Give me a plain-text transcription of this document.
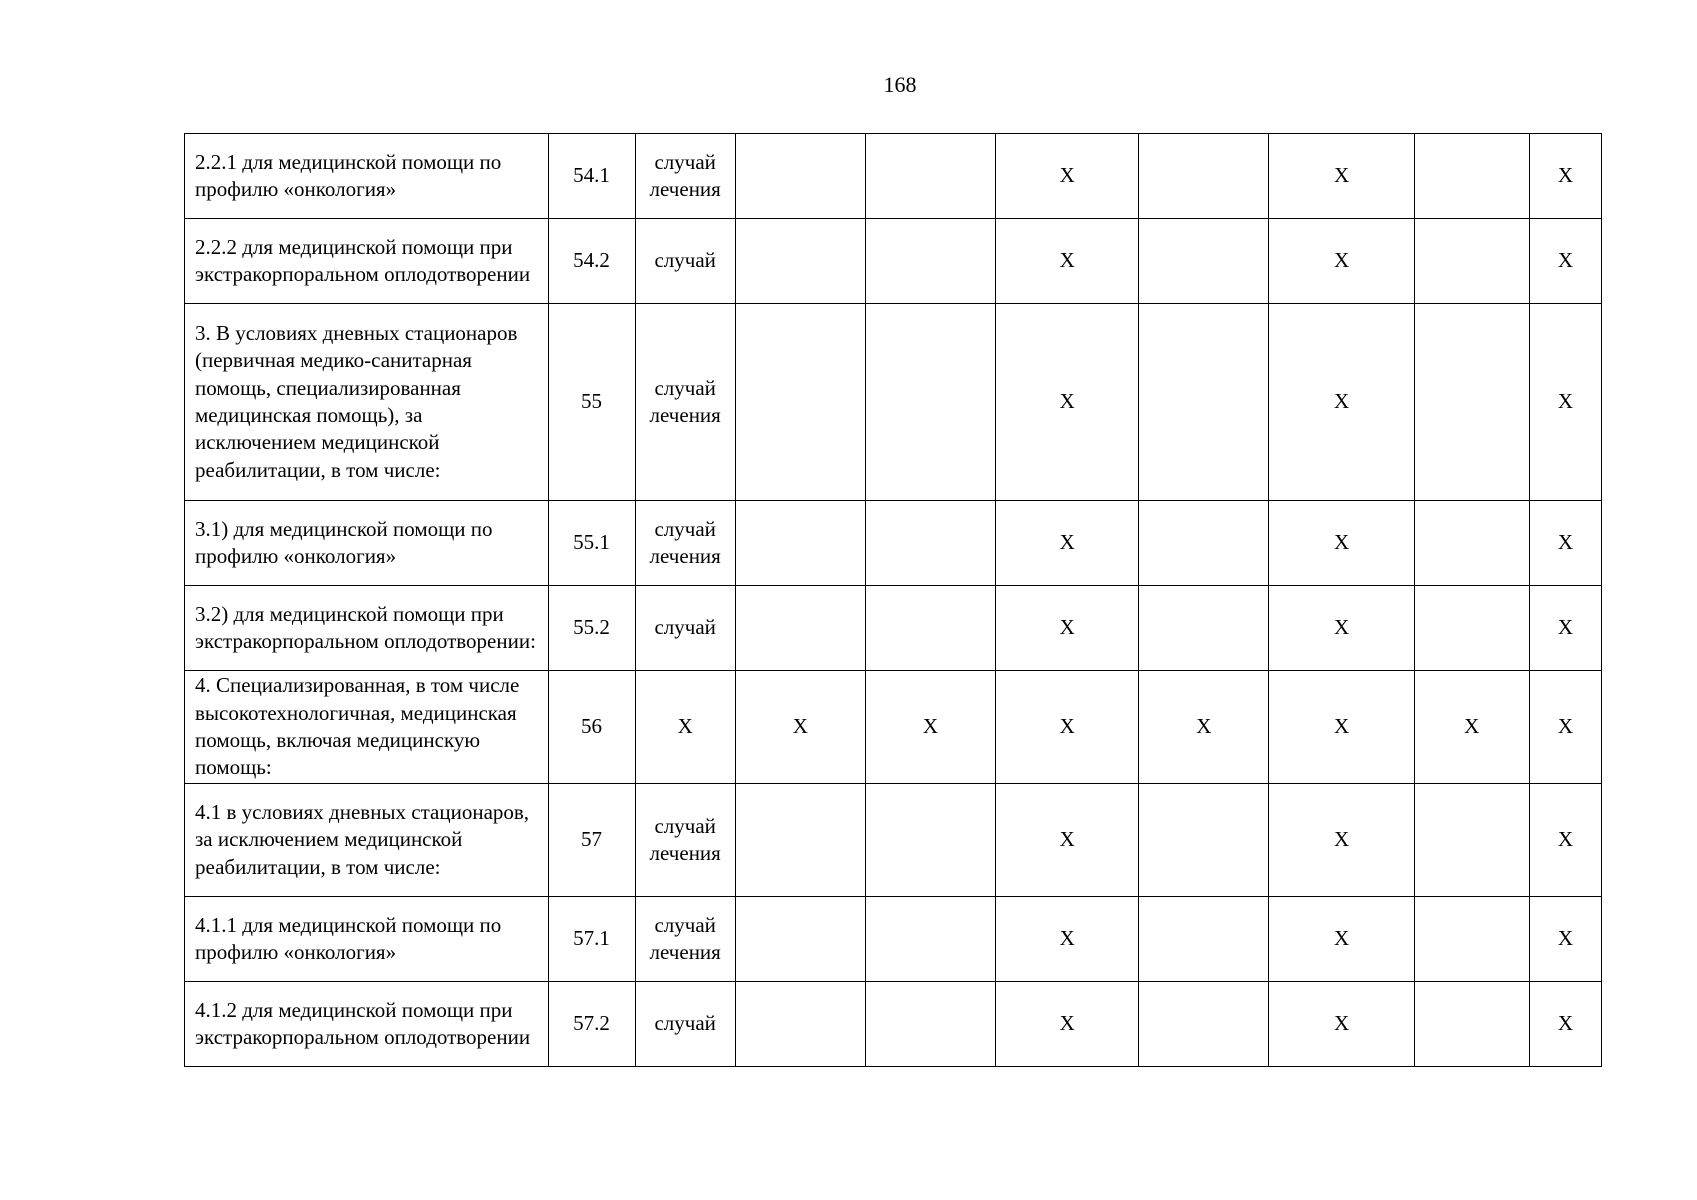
168
2.2.1 для медицинской помощи по профилю «онкология»	54.1	случай лечения			X		X		X
2.2.2 для медицинской помощи при экстракорпоральном оплодотворении	54.2	случай			X		X		X
3. В условиях дневных стационаров (первичная медико-санитарная помощь, специализированная медицинская помощь), за исключением медицинской реабилитации, в том числе:	55	случай лечения			X		X		X
3.1) для медицинской помощи по профилю «онкология»	55.1	случай лечения			X		X		X
3.2) для медицинской помощи при экстракорпоральном оплодотворении:	55.2	случай			X		X		X
4. Специализированная, в том числе высокотехнологичная, медицинская помощь, включая медицинскую помощь:	56	X	X	X	X	X	X	X	X
4.1 в условиях дневных стационаров, за исключением медицинской реабилитации, в том числе:	57	случай лечения			X		X		X
4.1.1 для медицинской помощи по профилю «онкология»	57.1	случай лечения			X		X		X
4.1.2 для медицинской помощи при экстракорпоральном оплодотворении	57.2	случай			X		X		X
